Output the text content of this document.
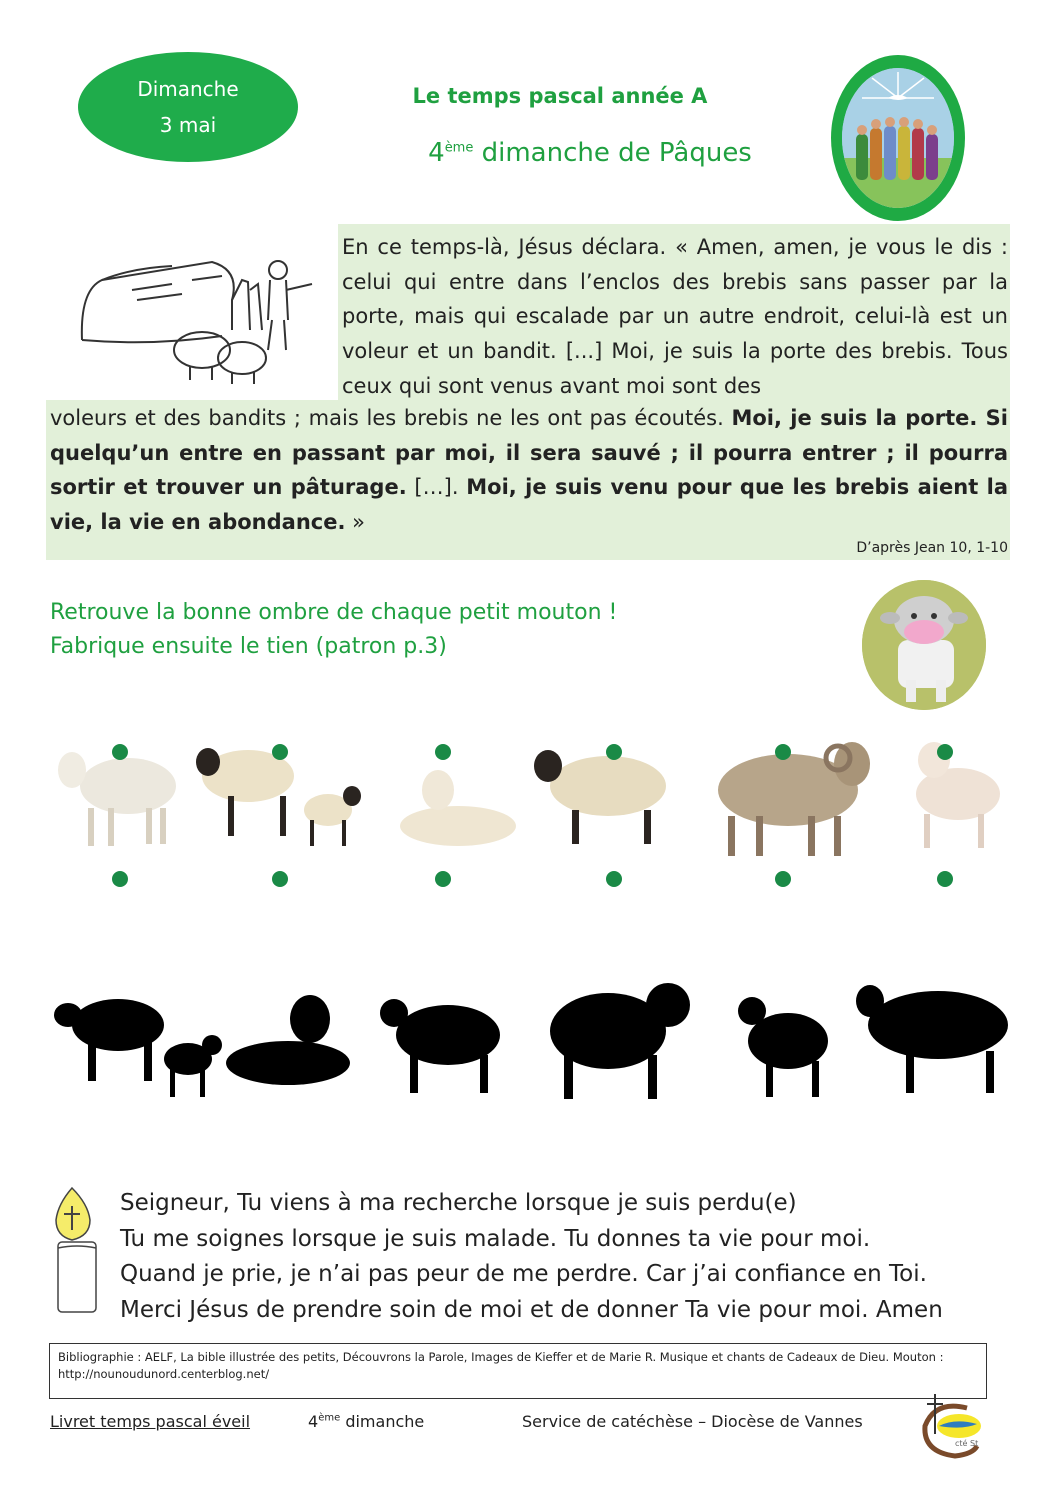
Dimanche
3 mai
Le temps pascal année A
4ème dimanche de Pâques
En ce temps-là, Jésus déclara. « Amen, amen, je vous le dis : celui qui entre dans l’enclos des brebis sans passer par la porte, mais qui escalade par un autre endroit, celui-là est un voleur et un bandit. [...] Moi, je suis la porte des brebis. Tous ceux qui sont venus avant moi sont des
voleurs et des bandits ; mais les brebis ne les ont pas écoutés. Moi, je suis la porte. Si quelqu’un entre en passant par moi, il sera sauvé ; il pourra entrer ; il pourra sortir et trouver un pâturage. […]. Moi, je suis venu pour que les brebis aient la vie, la vie en abondance. »
D’après Jean 10, 1-10
Retrouve la bonne ombre de chaque petit mouton !
Fabrique ensuite le tien (patron p.3)
Seigneur, Tu viens à ma recherche lorsque je suis perdu(e)
Tu me soignes lorsque je suis malade. Tu donnes ta vie pour moi.
Quand je prie, je n’ai pas peur de me perdre. Car j’ai confiance en Toi.
Merci Jésus de prendre soin de moi et de donner Ta vie pour moi. Amen
Bibliographie : AELF, La bible illustrée des petits, Découvrons la Parole, Images de Kieffer et de Marie R. Musique et chants de Cadeaux de Dieu. Mouton : http://nounoudunord.centerblog.net/
Livret temps pascal éveil	4ème dimanche	Service de catéchèse – Diocèse de Vannes
cté St
